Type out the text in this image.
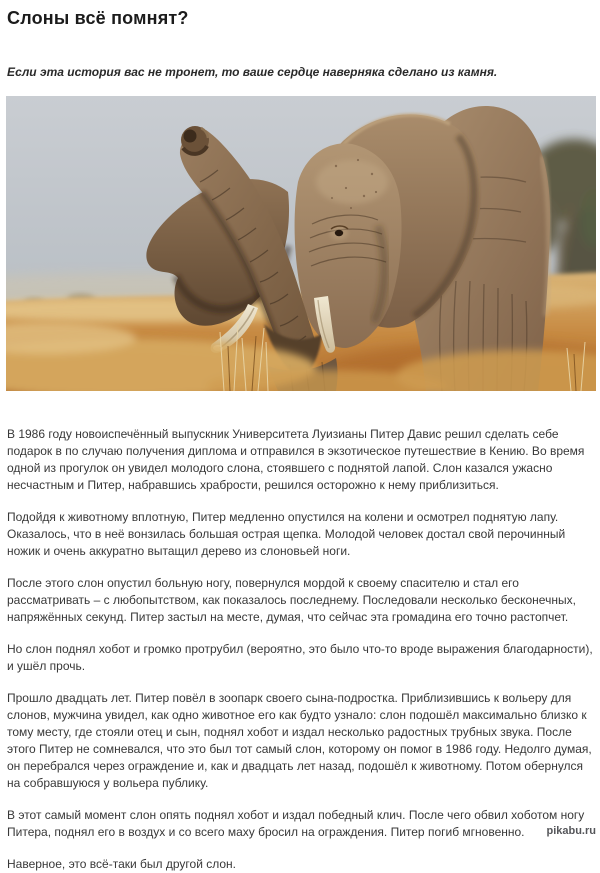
Слоны всё помнят?

Если эта история вас не тронет, то ваше сердце наверняка сделано из камня.

В 1986 году новоиспечённый выпускник Университета Луизианы Питер Давис решил сделать себе подарок в по случаю получения диплома и отправился в экзотическое путешествие в Кению. Во время одной из прогулок он увидел молодого слона, стоявшего с поднятой лапой. Слон казался ужасно несчастным и Питер, набравшись храбрости, решился осторожно к нему приблизиться.

Подойдя к животному вплотную, Питер медленно опустился на колени и осмотрел поднятую лапу. Оказалось, что в неё вонзилась большая острая щепка. Молодой человек достал свой перочинный ножик и очень аккуратно вытащил дерево из слоновьей ноги.

После этого слон опустил больную ногу, повернулся мордой к своему спасителю и стал его рассматривать – с любопытством, как показалось последнему. Последовали несколько бесконечных, напряжённых секунд. Питер застыл на месте, думая, что сейчас эта громадина его точно растопчет.

Но слон поднял хобот и громко протрубил (вероятно, это было что-то вроде выражения благодарности), и ушёл прочь.

Прошло двадцать лет. Питер повёл в зоопарк своего сына-подростка. Приблизившись к вольеру для слонов, мужчина увидел, как одно животное его как будто узнало: слон подошёл максимально близко к тому месту, где стояли отец и сын, поднял хобот и издал несколько радостных трубных звука. После этого Питер не сомневался, что это был тот самый слон, которому он помог в 1986 году. Недолго думая, он перебрался через ограждение и, как и двадцать лет назад, подошёл к животному. Потом обернулся на собравшуюся у вольера публику.

В этот самый момент слон опять поднял хобот и издал победный клич. После чего обвил хоботом ногу Питера, поднял его в воздух и со всего маху бросил на ограждения. Питер погиб мгновенно.

Наверное, это всё-таки был другой слон.

pikabu.ru
